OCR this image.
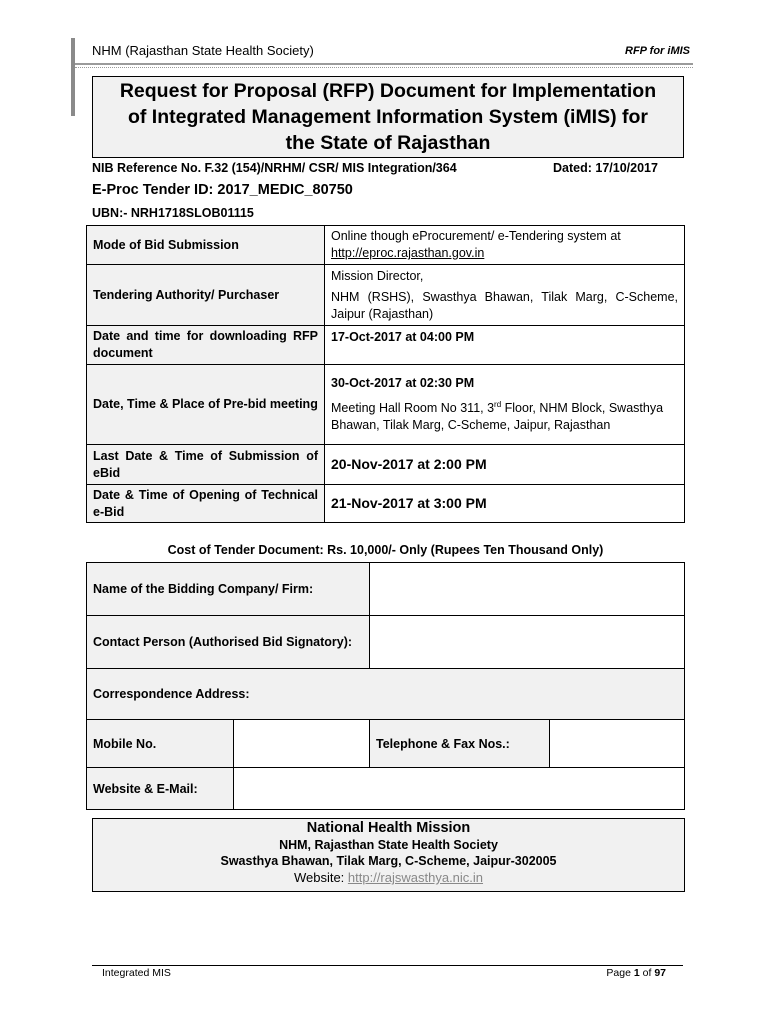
NHM (Rajasthan State Health Society)	RFP for iMIS
Request for Proposal (RFP) Document for Implementation
of Integrated Management Information System (iMIS) for
the State of Rajasthan
NIB Reference No. F.32 (154)/NRHM/ CSR/ MIS Integration/364	Dated: 17/10/2017
E-Proc Tender ID: 2017_MEDIC_80750
UBN:- NRH1718SLOB01115
Mode of Bid Submission	Online though eProcurement/ e-Tendering system at
http://eproc.rajasthan.gov.in

Tendering Authority/ Purchaser	Mission Director,
NHM (RSHS), Swasthya Bhawan, Tilak Marg, C-Scheme, Jaipur (Rajasthan)

Date and time for downloading RFP document	17-Oct-2017 at 04:00 PM
Date, Time & Place of Pre-bid meeting	30-Oct-2017 at 02:30 PM
Meeting Hall Room No 311, 3rd Floor, NHM Block, Swasthya Bhawan, Tilak Marg, C-Scheme, Jaipur, Rajasthan
Last Date & Time of Submission of eBid	20-Nov-2017 at 2:00 PM
Date & Time of Opening of Technical e-Bid	21-Nov-2017 at 3:00 PM
Cost of Tender Document: Rs. 10,000/- Only (Rupees Ten Thousand Only)
Name of the Bidding Company/ Firm:			
Contact Person (Authorised Bid Signatory):			
Correspondence Address:			
Mobile No.		Telephone & Fax Nos.:	
Website & E-Mail:			
National Health Mission
NHM, Rajasthan State Health Society
Swasthya Bhawan, Tilak Marg, C-Scheme, Jaipur-302005
Website: http://rajswasthya.nic.in
Integrated MIS	Page 1 of 97
